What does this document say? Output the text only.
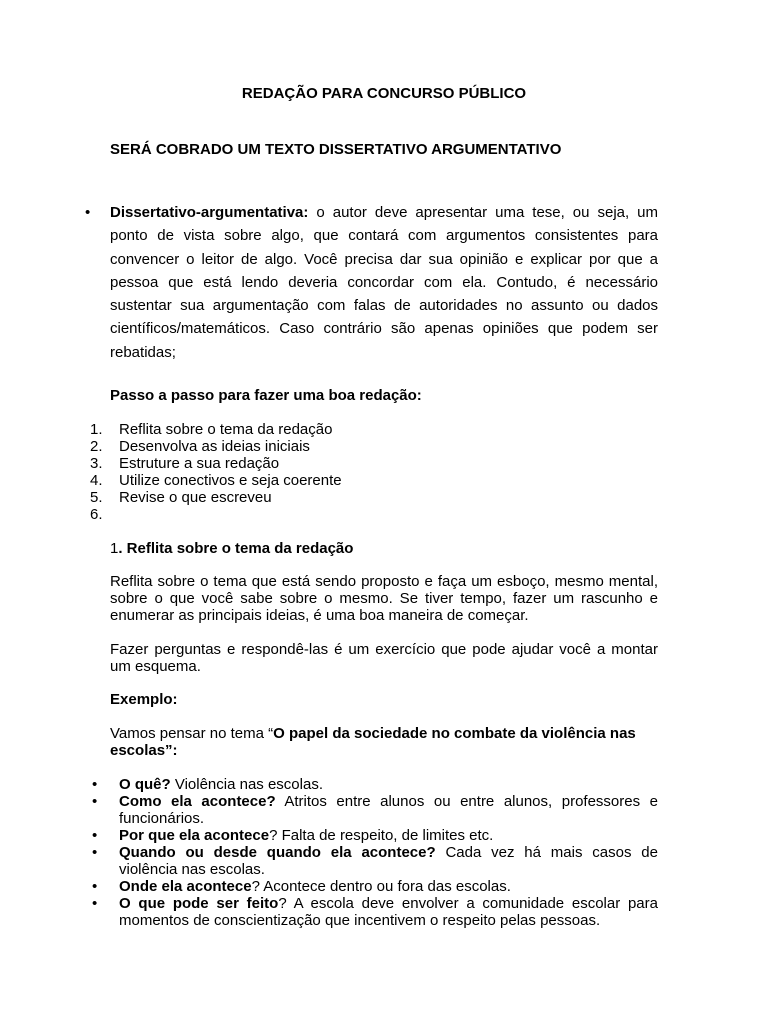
REDAÇÃO PARA CONCURSO PÚBLICO
SERÁ COBRADO UM TEXTO DISSERTATIVO ARGUMENTATIVO
• Dissertativo-argumentativa: o autor deve apresentar uma tese, ou seja, um ponto de vista sobre algo, que contará com argumentos consistentes para convencer o leitor de algo. Você precisa dar sua opinião e explicar por que a pessoa que está lendo deveria concordar com ela. Contudo, é necessário sustentar sua argumentação com falas de autoridades no assunto ou dados científicos/matemáticos. Caso contrário são apenas opiniões que podem ser rebatidas;

Passo a passo para fazer uma boa redação:
1.	Reflita sobre o tema da redação
2.	Desenvolva as ideias iniciais
3.	Estruture a sua redação
4.	Utilize conectivos e seja coerente
5.	Revise o que escreveu
6.
1. Reflita sobre o tema da redação

Reflita sobre o tema que está sendo proposto e faça um esboço, mesmo mental, sobre o que você sabe sobre o mesmo. Se tiver tempo, fazer um rascunho e enumerar as principais ideias, é uma boa maneira de começar.

Fazer perguntas e respondê-las é um exercício que pode ajudar você a montar um esquema.

Exemplo:

Vamos pensar no tema “O papel da sociedade no combate da violência nas escolas”:

•	O quê? Violência nas escolas.
•	Como ela acontece? Atritos entre alunos ou entre alunos, professores e funcionários.
•	Por que ela acontece? Falta de respeito, de limites etc.
•	Quando ou desde quando ela acontece? Cada vez há mais casos de violência nas escolas.
•	Onde ela acontece? Acontece dentro ou fora das escolas.
•	O que pode ser feito? A escola deve envolver a comunidade escolar para momentos de conscientização que incentivem o respeito pelas pessoas.
